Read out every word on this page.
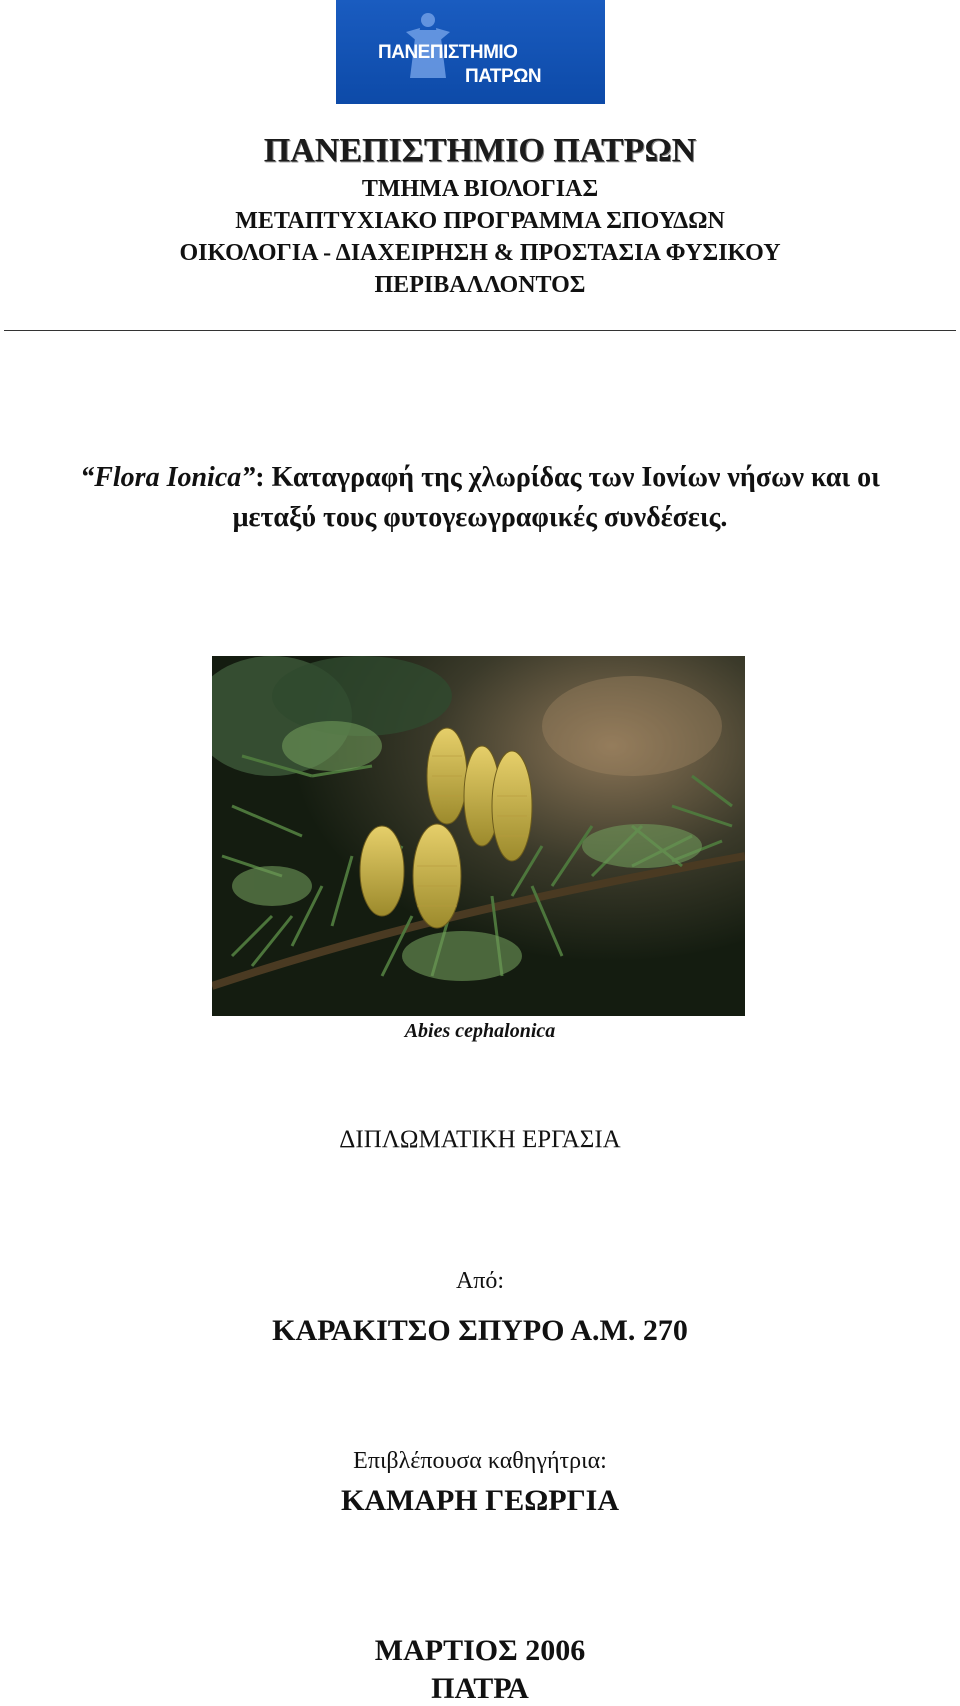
ΠΑΝΕΠΙΣΤΗΜΙΟ
ΠΑΤΡΩΝ
ΠΑΝΕΠΙΣΤΗΜΙΟ ΠΑΤΡΩΝ
ΤΜΗΜΑ ΒΙΟΛΟΓΙΑΣ
ΜΕΤΑΠΤΥΧΙΑΚΟ ΠΡΟΓΡΑΜΜΑ ΣΠΟΥΔΩΝ
ΟΙΚΟΛΟΓΙΑ - ΔΙΑΧΕΙΡΗΣΗ & ΠΡΟΣΤΑΣΙΑ ΦΥΣΙΚΟΥ
ΠΕΡΙΒΑΛΛΟΝΤΟΣ
“Flora Ionica”: Καταγραφή της χλωρίδας των Ιονίων νήσων και οι
μεταξύ τους φυτογεωγραφικές συνδέσεις.
Abies cephalonica
ΔΙΠΛΩΜΑΤΙΚΗ ΕΡΓΑΣΙΑ
Από:
ΚΑΡΑΚΙΤΣΟ ΣΠΥΡΟ Α.Μ. 270
Επιβλέπουσα καθηγήτρια:
ΚΑΜΑΡΗ ΓΕΩΡΓΙΑ
ΜΑΡΤΙΟΣ 2006
ΠΑΤΡΑ
